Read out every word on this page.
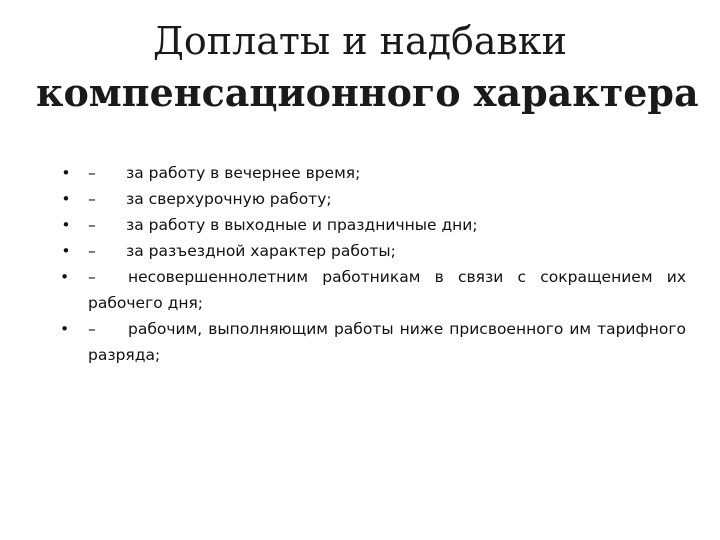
Доплаты и надбавки
компенсационного характера
• – за работу в вечернее время;
• – за сверхурочную работу;
• – за работу в выходные и праздничные дни;
• – за разъездной характер работы;
• – несовершеннолетним работникам в связи с сокращением их рабочего дня;
• – рабочим, выполняющим работы ниже присвоенного им тарифного разряда;
